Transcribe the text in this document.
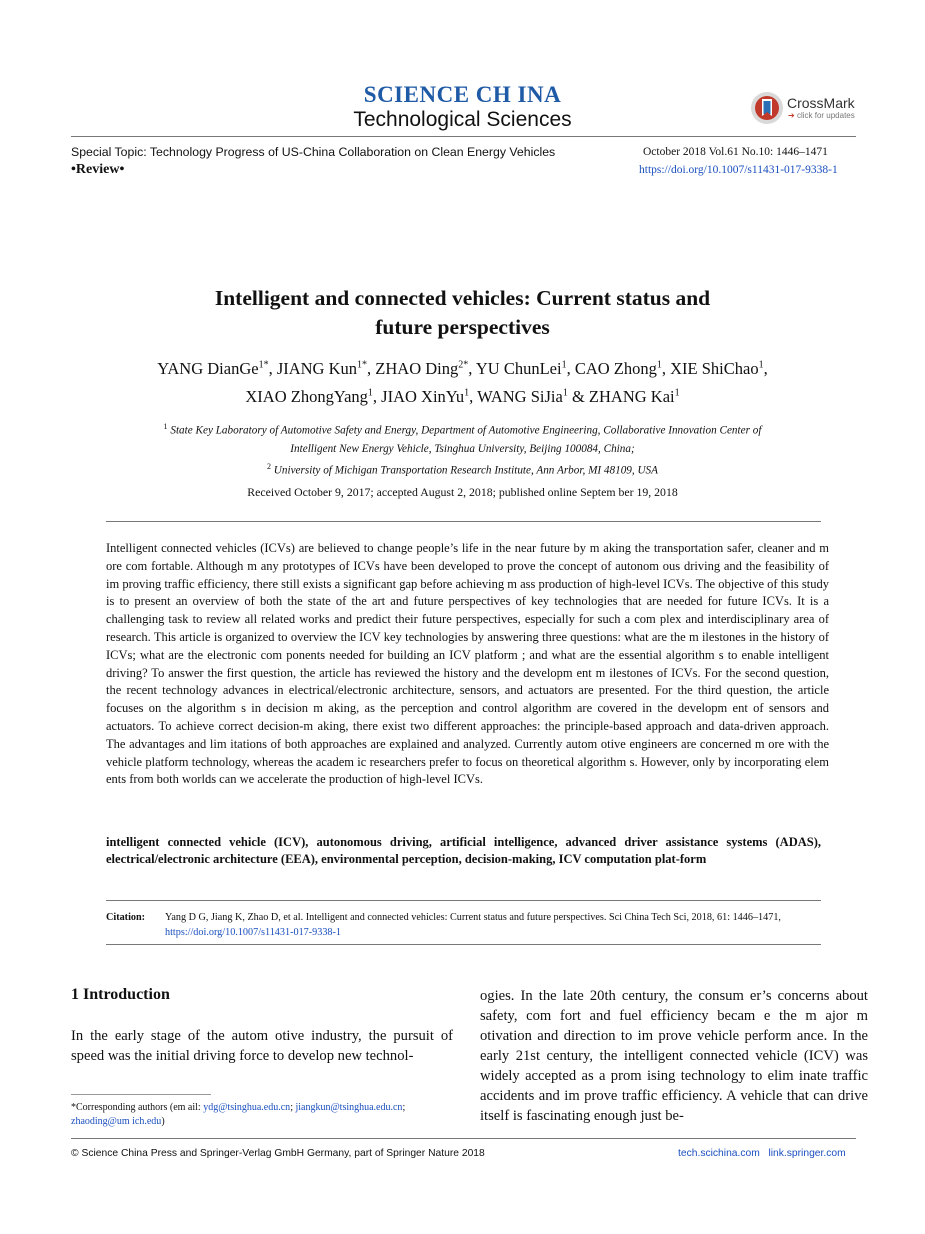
SCIENCE CH INA
Technological Sciences
CrossMark
➔ click for updates
Special Topic: Technology Progress of US-China Collaboration on Clean Energy Vehicles
•Review•
October 2018 Vol.61 No.10: 1446–1471
https://doi.org/10.1007/s11431-017-9338-1
Intelligent and connected vehicles: Current status and
future perspectives
YANG DianGe$^{1*}$, JIANG Kun$^{1*}$, ZHAO Ding$^{2*}$, YU ChunLei$^1$, CAO Zhong$^1$, XIE ShiChao$^1$,
XIAO ZhongYang$^1$, JIAO XinYu$^1$, WANG SiJia$^1$ & ZHANG Kai$^1$
$^1$ State Key Laboratory of Automotive Safety and Energy, Department of Automotive Engineering, Collaborative Innovation Center of
Intelligent New Energy Vehicle, Tsinghua University, Beijing 100084, China;
$^2$ University of Michigan Transportation Research Institute, Ann Arbor, MI 48109, USA
Received October 9, 2017; accepted August 2, 2018; published online Septem ber 19, 2018
Intelligent connected vehicles (ICVs) are believed to change people’s life in the near future by m aking the transportation safer, cleaner and m ore com fortable. Although m any prototypes of ICVs have been developed to prove the concept of autonom ous driving and the feasibility of im proving traffic efficiency, there still exists a significant gap before achieving m ass production of high-level ICVs. The objective of this study is to present an overview of both the state of the art and future perspectives of key technologies that are needed for future ICVs. It is a challenging task to review all related works and predict their future perspectives, especially for such a com plex and interdisciplinary area of research. This article is organized to overview the ICV key technologies by answering three questions: what are the m ilestones in the history of ICVs; what are the electronic com ponents needed for building an ICV platform ; and what are the essential algorithm s to enable intelligent driving? To answer the first question, the article has reviewed the history and the developm ent m ilestones of ICVs. For the second question, the recent technology advances in electrical/electronic architecture, sensors, and actuators are presented. For the third question, the article focuses on the algorithm s in decision m aking, as the perception and control algorithm are covered in the developm ent of sensors and actuators. To achieve correct decision-m aking, there exist two different approaches: the principle-based approach and data-driven approach. The advantages and lim itations of both approaches are explained and analyzed. Currently autom otive engineers are concerned m ore with the vehicle platform technology, whereas the academ ic researchers prefer to focus on theoretical algorithm s. However, only by incorporating elem ents from both worlds can we accelerate the production of high-level ICVs.
intelligent connected vehicle (ICV), autonomous driving, artificial intelligence, advanced driver assistance systems (ADAS), electrical/electronic architecture (EEA), environmental perception, decision-making, ICV computation plat-form
Citation: Yang D G, Jiang K, Zhao D, et al. Intelligent and connected vehicles: Current status and future perspectives. Sci China Tech Sci, 2018, 61: 1446–1471, https://doi.org/10.1007/s11431-017-9338-1
1 Introduction
In the early stage of the autom otive industry, the pursuit of speed was the initial driving force to develop new technol-
ogies. In the late 20th century, the consum er’s concerns about safety, com fort and fuel efficiency becam e the m ajor m otivation and direction to im prove vehicle perform ance. In the early 21st century, the intelligent connected vehicle (ICV) was widely accepted as a prom ising technology to elim inate traffic accidents and im prove traffic efficiency. A vehicle that can drive itself is fascinating enough just be-
*Corresponding authors (em ail: ydg@tsinghua.edu.cn; jiangkun@tsinghua.edu.cn;
zhaoding@um ich.edu)
© Science China Press and Springer-Verlag GmbH Germany, part of Springer Nature 2018	tech.scichina.com link.springer.com
